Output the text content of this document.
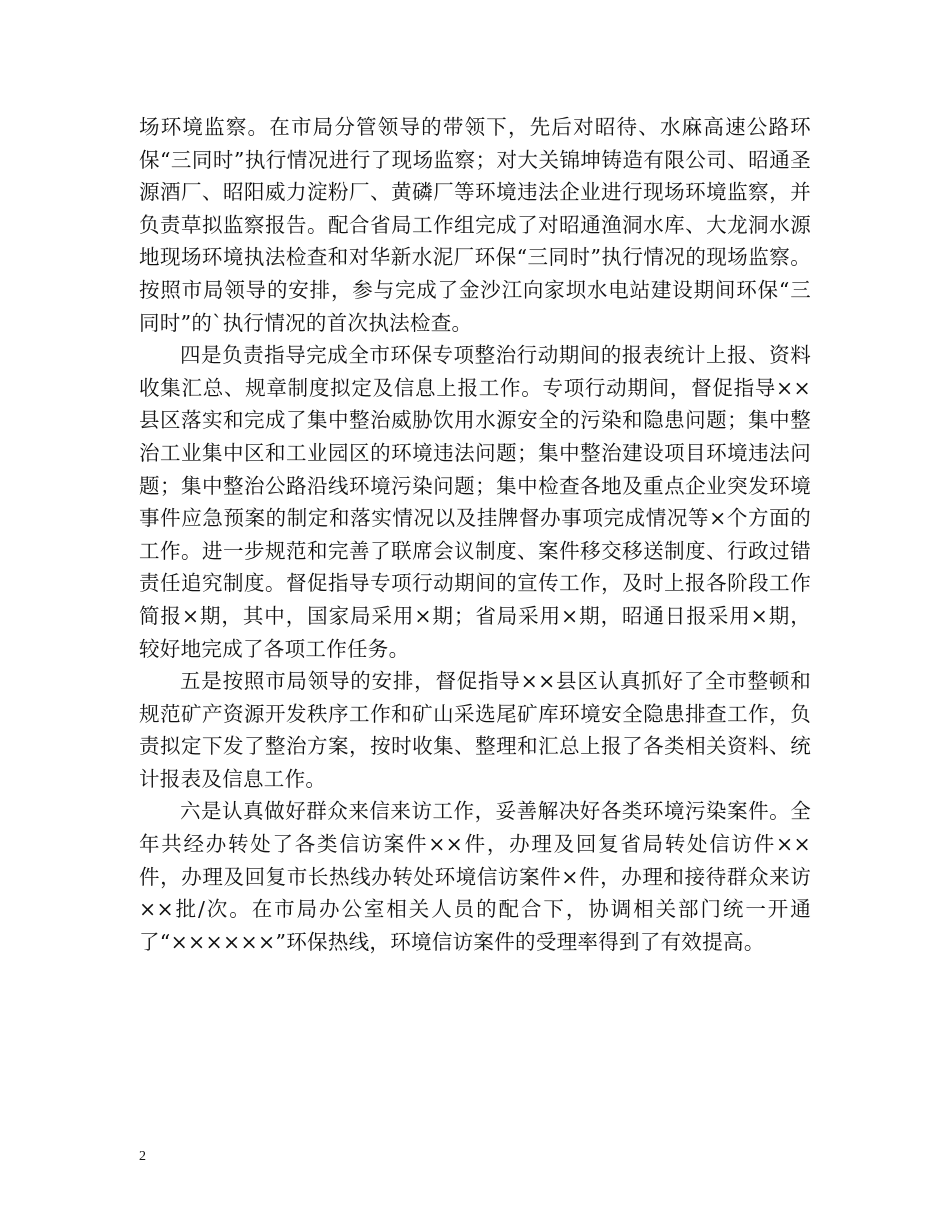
场环境监察。在市局分管领导的带领下，先后对昭待、水麻高速公路环保“三同时”执行情况进行了现场监察；对大关锦坤铸造有限公司、昭通圣源酒厂、昭阳威力淀粉厂、黄磷厂等环境违法企业进行现场环境监察，并负责草拟监察报告。配合省局工作组完成了对昭通渔洞水库、大龙洞水源地现场环境执法检查和对华新水泥厂环保“三同时”执行情况的现场监察。按照市局领导的安排，参与完成了金沙江向家坝水电站建设期间环保“三同时”的`执行情况的首次执法检查。

四是负责指导完成全市环保专项整治行动期间的报表统计上报、资料收集汇总、规章制度拟定及信息上报工作。专项行动期间，督促指导××县区落实和完成了集中整治威胁饮用水源安全的污染和隐患问题；集中整治工业集中区和工业园区的环境违法问题；集中整治建设项目环境违法问题；集中整治公路沿线环境污染问题；集中检查各地及重点企业突发环境事件应急预案的制定和落实情况以及挂牌督办事项完成情况等×个方面的工作。进一步规范和完善了联席会议制度、案件移交移送制度、行政过错责任追究制度。督促指导专项行动期间的宣传工作，及时上报各阶段工作简报×期，其中，国家局采用×期；省局采用×期，昭通日报采用×期，较好地完成了各项工作任务。

五是按照市局领导的安排，督促指导××县区认真抓好了全市整顿和规范矿产资源开发秩序工作和矿山采选尾矿库环境安全隐患排查工作，负责拟定下发了整治方案，按时收集、整理和汇总上报了各类相关资料、统计报表及信息工作。

六是认真做好群众来信来访工作，妥善解决好各类环境污染案件。全年共经办转处了各类信访案件××件，办理及回复省局转处信访件××件，办理及回复市长热线办转处环境信访案件×件，办理和接待群众来访××批/次。在市局办公室相关人员的配合下，协调相关部门统一开通了“××××××”环保热线，环境信访案件的受理率得到了有效提高。

2
